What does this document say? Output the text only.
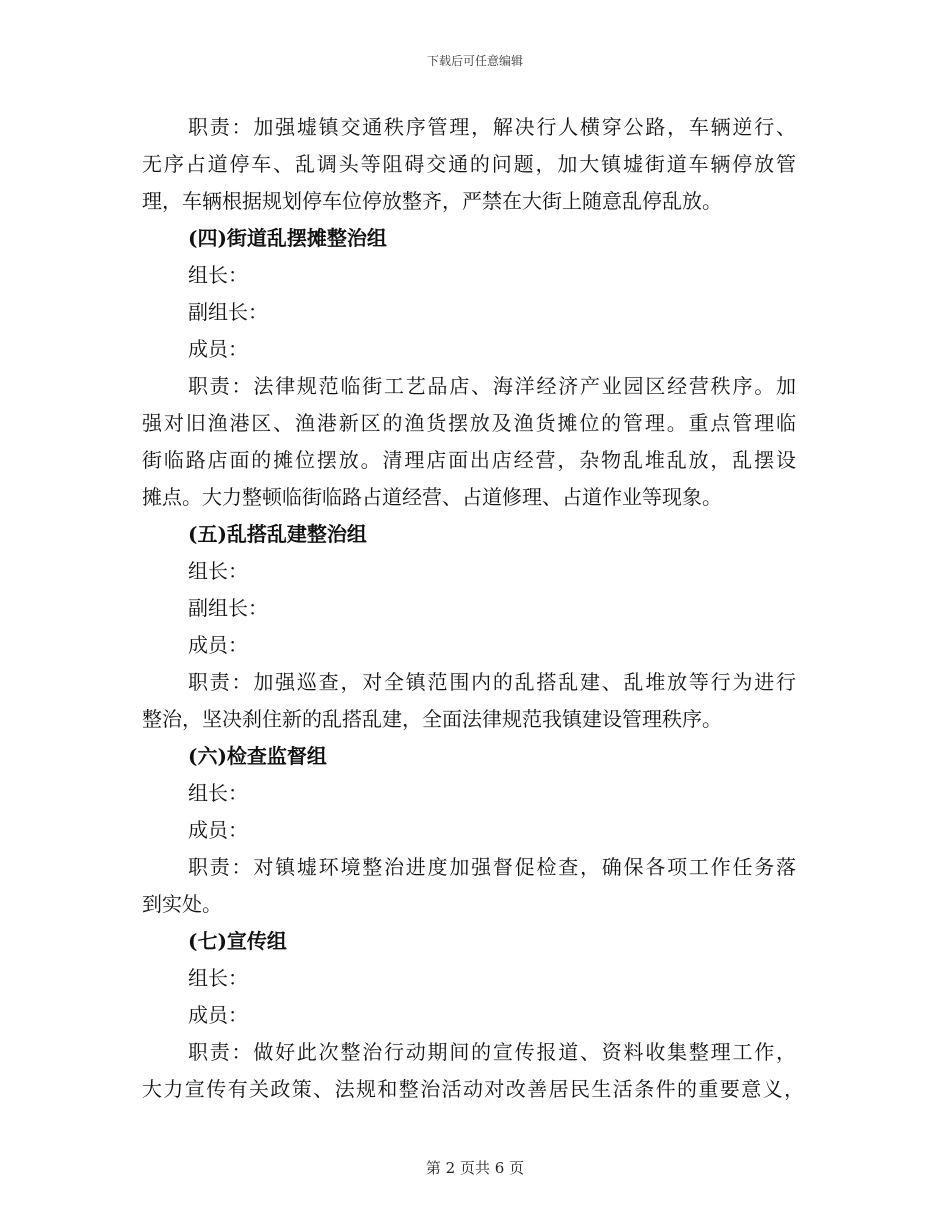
下载后可任意编辑
职责：加强墟镇交通秩序管理，解决行人横穿公路，车辆逆行、
无序占道停车、乱调头等阻碍交通的问题，加大镇墟街道车辆停放管
理，车辆根据规划停车位停放整齐，严禁在大街上随意乱停乱放。
(四)街道乱摆摊整治组
组长：
副组长：
成员：
职责：法律规范临街工艺品店、海洋经济产业园区经营秩序。加
强对旧渔港区、渔港新区的渔货摆放及渔货摊位的管理。重点管理临
街临路店面的摊位摆放。清理店面出店经营，杂物乱堆乱放，乱摆设
摊点。大力整顿临街临路占道经营、占道修理、占道作业等现象。
(五)乱搭乱建整治组
组长：
副组长：
成员：
职责：加强巡查，对全镇范围内的乱搭乱建、乱堆放等行为进行
整治，坚决刹住新的乱搭乱建，全面法律规范我镇建设管理秩序。
(六)检查监督组
组长：
成员：
职责：对镇墟环境整治进度加强督促检查，确保各项工作任务落
到实处。
(七)宣传组
组长：
成员：
职责：做好此次整治行动期间的宣传报道、资料收集整理工作，
大力宣传有关政策、法规和整治活动对改善居民生活条件的重要意义，
第 2 页共 6 页
